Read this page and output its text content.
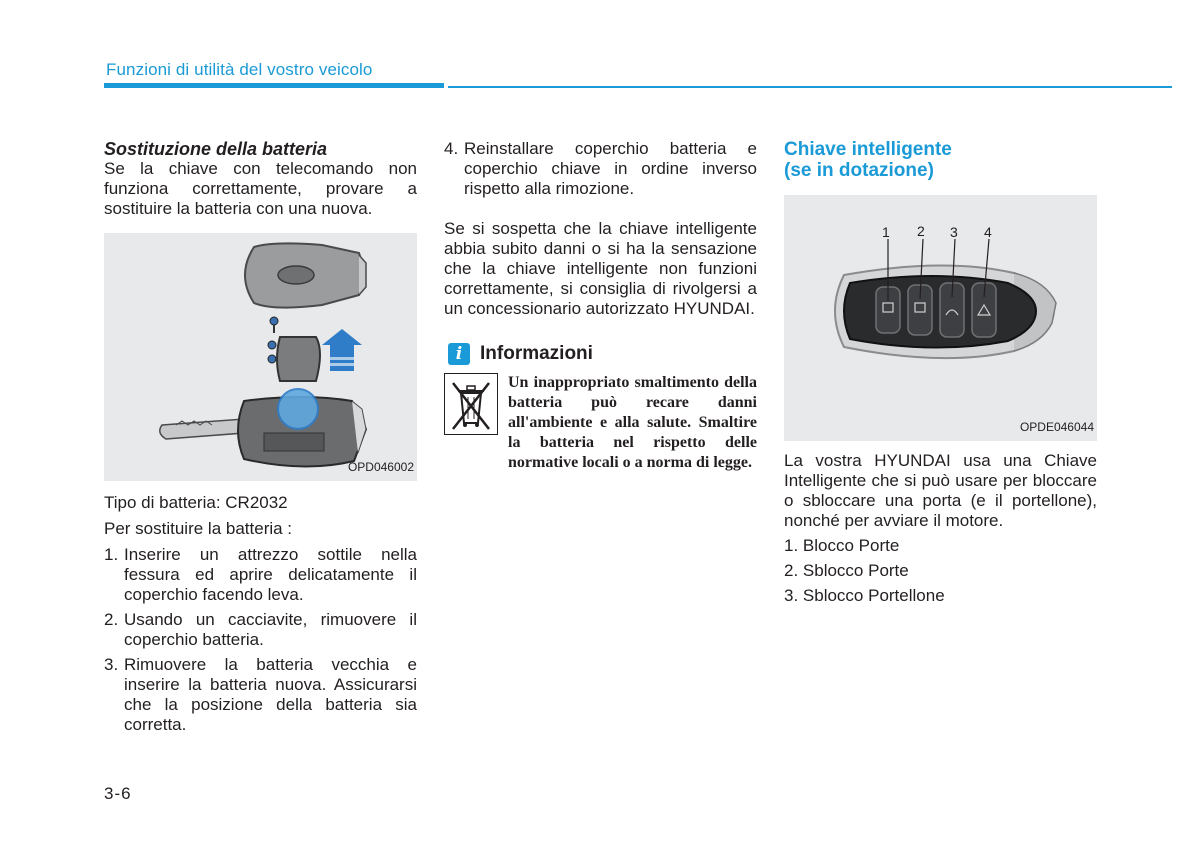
Funzioni di utilità del vostro veicolo

Sostituzione della batteria

Se la chiave con telecomando non funziona correttamente, provare a sostituire la batteria con una nuova.

OPD046002

Tipo di batteria: CR2032

Per sostituire la batteria :

1. Inserire un attrezzo sottile nella fessura ed aprire delicatamente il coperchio facendo leva.
2. Usando un cacciavite, rimuovere il coperchio batteria.
3. Rimuovere la batteria vecchia e inserire la batteria nuova. Assicurarsi che la posizione della batteria sia corretta.
4. Reinstallare coperchio batteria e coperchio chiave in ordine inverso rispetto alla rimozione.

Se si sospetta che la chiave intelligente abbia subito danni o si ha la sensazione che la chiave intelligente non funzioni correttamente, si consiglia di rivolgersi a un concessionario autorizzato HYUNDAI.

i Informazioni

Un inappropriato smaltimento della batteria può recare danni all'ambiente e alla salute. Smaltire la batteria nel rispetto delle normative locali o a norma di legge.

Chiave intelligente

(se in dotazione)

1 2 3 4
OPDE046044

La vostra HYUNDAI usa una Chiave Intelligente che si può usare per bloccare o sbloccare una porta (e il portellone), nonché per avviare il motore.

1. Blocco Porte

2. Sblocco Porte

3. Sblocco Portellone

3-6
